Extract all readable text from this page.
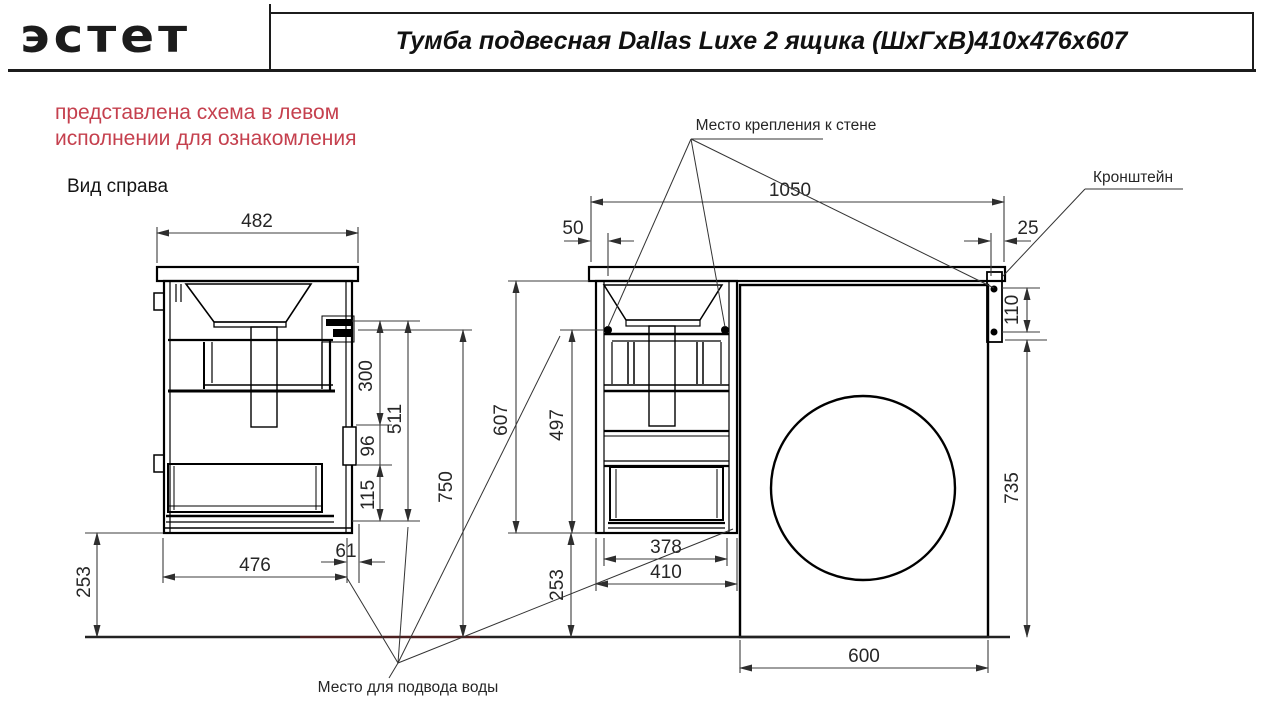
эстет	Тумба подвесная Dallas Luxe 2 ящика (ШхГхВ)410х476х607
представлена схема в левом
исполнении для ознакомления
Вид справа
482
300
96
115
511
750
476
61
253
1050
50	25
607 497
253
378
410
600
110
735
Место крепления к стене
Кронштейн
Место для подвода воды
